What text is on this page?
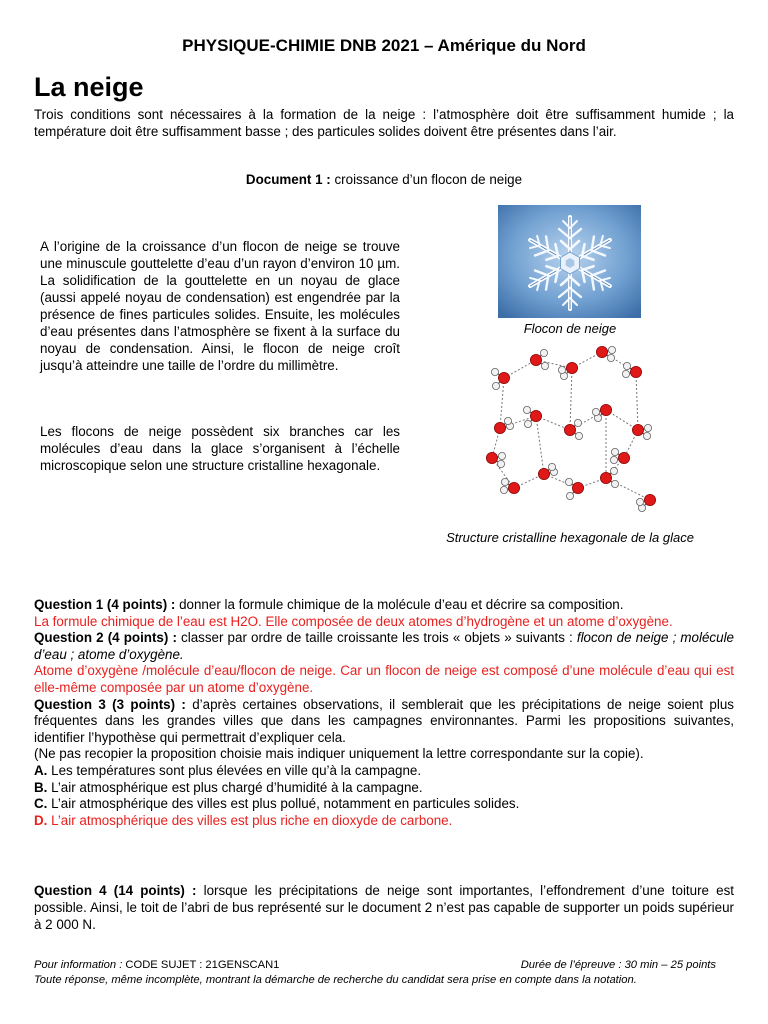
PHYSIQUE-CHIMIE DNB 2021 – Amérique du Nord
La neige
Trois conditions sont nécessaires à la formation de la neige : l’atmosphère doit être suffisamment humide ; la température doit être suffisamment basse ; des particules solides doivent être présentes dans l’air.
Document 1 : croissance d’un flocon de neige
A l’origine de la croissance d’un flocon de neige se trouve une minuscule gouttelette d’eau d’un rayon d’environ 10 µm. La solidification de la gouttelette en un noyau de glace (aussi appelé noyau de condensation) est engendrée par la présence de fines particules solides. Ensuite, les molécules d’eau présentes dans l’atmosphère se fixent à la surface du noyau de condensation. Ainsi, le flocon de neige croît jusqu’à atteindre une taille de l’ordre du millimètre.
Les flocons de neige possèdent six branches car les molécules d’eau dans la glace s’organisent à l’échelle microscopique selon une structure cristalline hexagonale.
Flocon de neige
Structure cristalline hexagonale de la glace

Question 1 (4 points) : donner la formule chimique de la molécule d’eau et décrire sa composition.

La formule chimique de l’eau est H2O. Elle composée de deux atomes d’hydrogène et un atome d’oxygène.

Question 2 (4 points) : classer par ordre de taille croissante les trois « objets » suivants : flocon de neige ; molécule d’eau ; atome d’oxygène.

Atome d’oxygène /molécule d’eau/flocon de neige. Car un flocon de neige est composé d’une molécule d’eau qui est elle-même composée par un atome d’oxygène.

Question 3 (3 points) : d’après certaines observations, il semblerait que les précipitations de neige soient plus fréquentes dans les grandes villes que dans les campagnes environnantes. Parmi les propositions suivantes, identifier l’hypothèse qui permettrait d’expliquer cela.

(Ne pas recopier la proposition choisie mais indiquer uniquement la lettre correspondante sur la copie).

A. Les températures sont plus élevées en ville qu’à la campagne.

B. L’air atmosphérique est plus chargé d’humidité à la campagne.

C. L’air atmosphérique des villes est plus pollué, notamment en particules solides.

D. L’air atmosphérique des villes est plus riche en dioxyde de carbone.

Question 4 (14 points) : lorsque les précipitations de neige sont importantes, l’effondrement d’une toiture est possible. Ainsi, le toit de l’abri de bus représenté sur le document 2 n’est pas capable de supporter un poids supérieur à 2 000 N.
Pour information : CODE SUJET : 21GENSCAN1	Durée de l’épreuve : 30 min – 25 points
Toute réponse, même incomplète, montrant la démarche de recherche du candidat sera prise en compte dans la notation.
